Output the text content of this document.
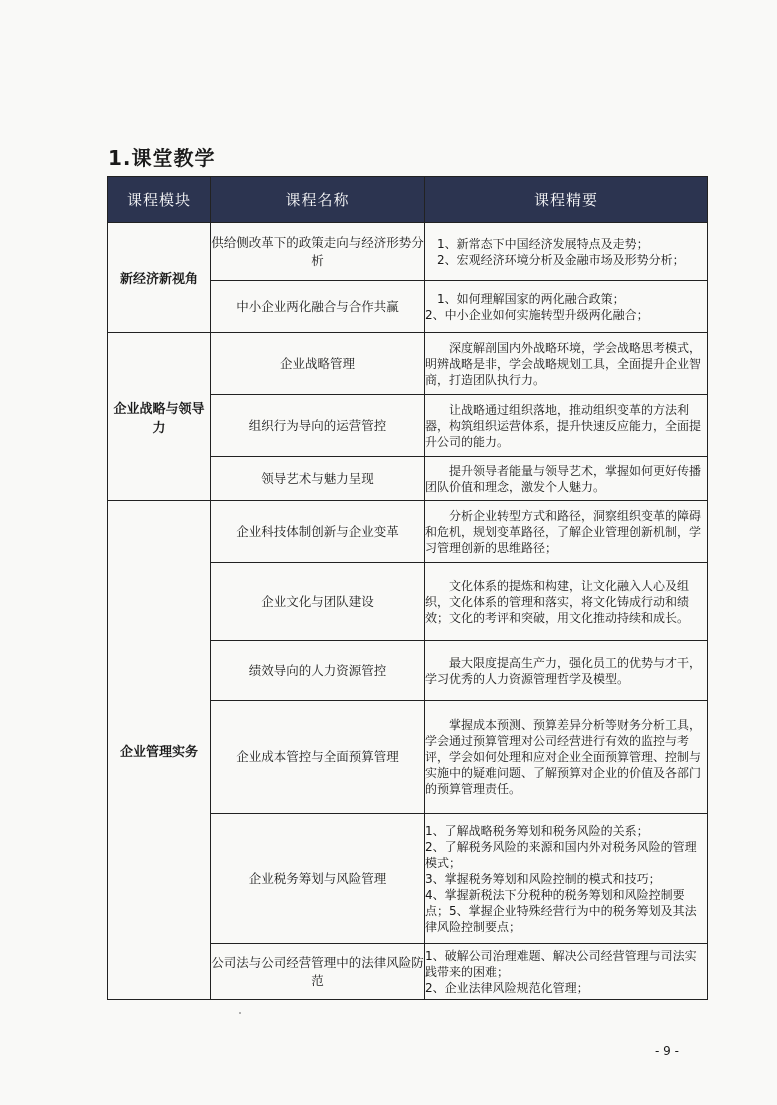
1.课堂教学
课程模块	课程名称	课程精要
新经济新视角	供给侧改革下的政策走向与经济形势分析	1、新常态下中国经济发展特点及走势；
2、宏观经济环境分析及金融市场及形势分析；

	中小企业两化融合与合作共赢	1、如何理解国家的两化融合政策；
2、中小企业如何实施转型升级两化融合；

企业战略与领导力	企业战略管理	深度解剖国内外战略环境，学会战略思考模式，明辨战略是非，学会战略规划工具，全面提升企业智商，打造团队执行力。

	组织行为导向的运营管控	让战略通过组织落地，推动组织变革的方法利器，构筑组织运营体系，提升快速反应能力，全面提升公司的能力。

	领导艺术与魅力呈现	提升领导者能量与领导艺术，掌握如何更好传播团队价值和理念，激发个人魅力。

企业管理实务	企业科技体制创新与企业变革	分析企业转型方式和路径，洞察组织变革的障碍和危机，规划变革路径，了解企业管理创新机制，学习管理创新的思维路径；

	企业文化与团队建设	文化体系的提炼和构建，让文化融入人心及组织，文化体系的管理和落实，将文化铸成行动和绩效；文化的考评和突破，用文化推动持续和成长。

	绩效导向的人力资源管控	最大限度提高生产力，强化员工的优势与才干，学习优秀的人力资源管理哲学及模型。

	企业成本管控与全面预算管理	掌握成本预测、预算差异分析等财务分析工具，学会通过预算管理对公司经营进行有效的监控与考评，学会如何处理和应对企业全面预算管理、控制与实施中的疑难问题、了解预算对企业的价值及各部门的预算管理责任。

	企业税务筹划与风险管理	1、了解战略税务筹划和税务风险的关系；
2、了解税务风险的来源和国内外对税务风险的管理模式；
3、掌握税务筹划和风险控制的模式和技巧；
4、掌握新税法下分税种的税务筹划和风险控制要点；5、掌握企业特殊经营行为中的税务筹划及其法律风险控制要点；

	公司法与公司经营管理中的法律风险防范	1、破解公司治理难题、解决公司经营管理与司法实践带来的困难；
2、企业法律风险规范化管理；
- 9 -
